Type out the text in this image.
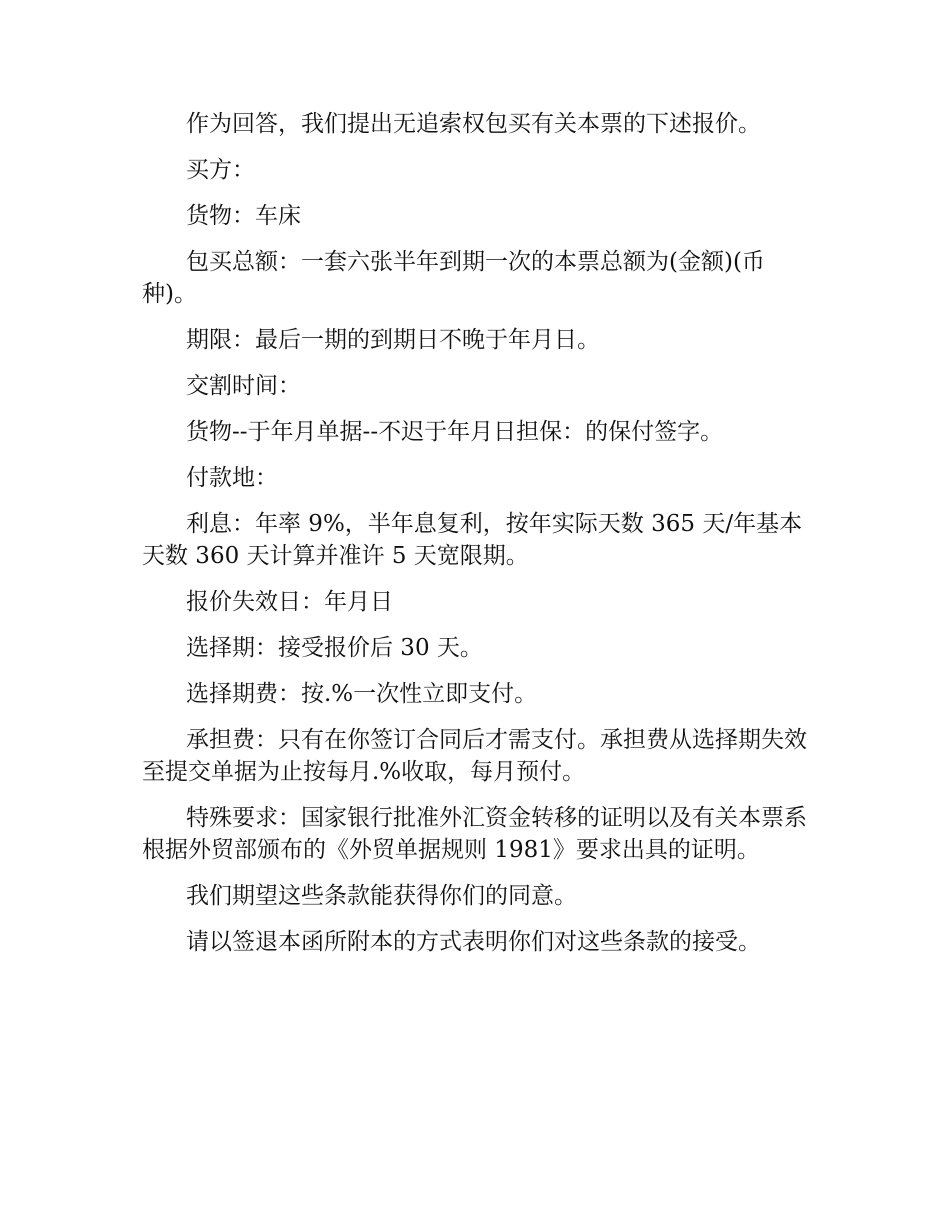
作为回答，我们提出无追索权包买有关本票的下述报价。

买方：

货物：车床

包买总额：一套六张半年到期一次的本票总额为(金额)(币种)。

期限：最后一期的到期日不晚于年月日。

交割时间：

货物--于年月单据--不迟于年月日担保：的保付签字。

付款地：

利息：年率 9%，半年息复利，按年实际天数 365 天/年基本天数 360 天计算并准许 5 天宽限期。

报价失效日：年月日

选择期：接受报价后 30 天。

选择期费：按.%一次性立即支付。

承担费：只有在你签订合同后才需支付。承担费从选择期失效至提交单据为止按每月.%收取，每月预付。

特殊要求：国家银行批准外汇资金转移的证明以及有关本票系根据外贸部颁布的《外贸单据规则 1981》要求出具的证明。

我们期望这些条款能获得你们的同意。

请以签退本函所附本的方式表明你们对这些条款的接受。
